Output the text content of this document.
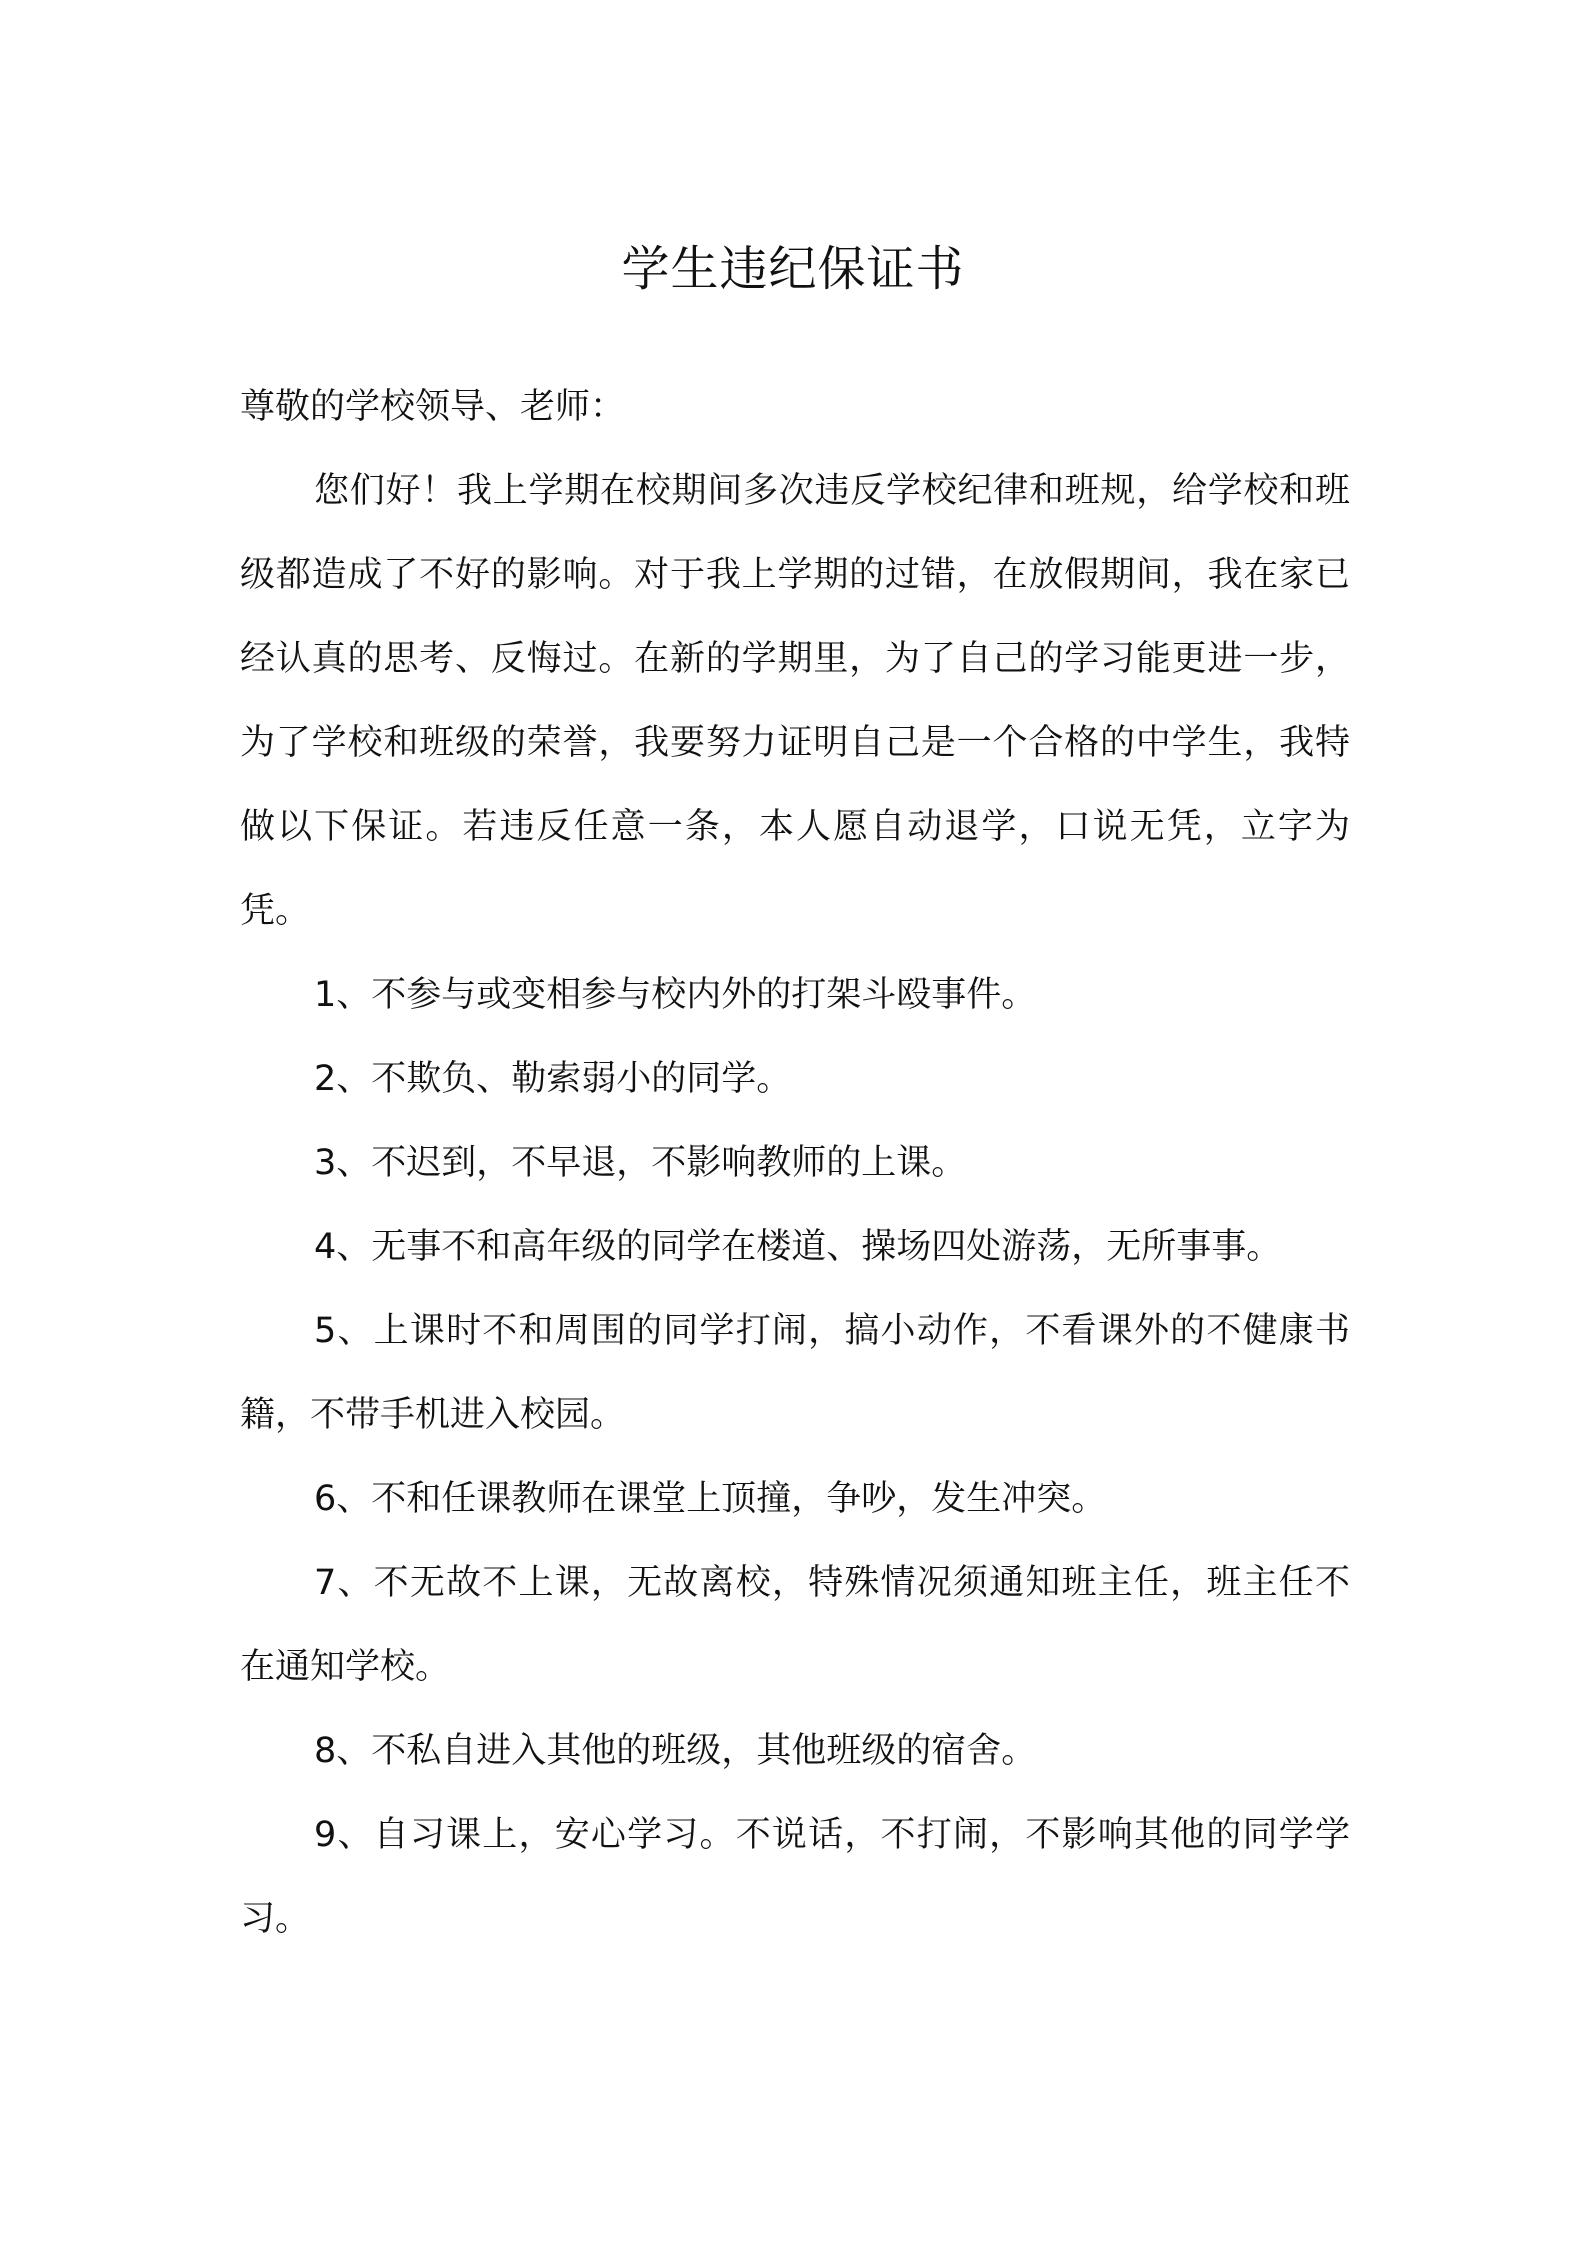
学生违纪保证书

尊敬的学校领导、老师：

您们好！我上学期在校期间多次违反学校纪律和班规，给学校和班级都造成了不好的影响。对于我上学期的过错，在放假期间，我在家已经认真的思考、反悔过。在新的学期里，为了自己的学习能更进一步，为了学校和班级的荣誉，我要努力证明自己是一个合格的中学生，我特做以下保证。若违反任意一条，本人愿自动退学，口说无凭，立字为凭。

1、不参与或变相参与校内外的打架斗殴事件。

2、不欺负、勒索弱小的同学。

3、不迟到，不早退，不影响教师的上课。

4、无事不和高年级的同学在楼道、操场四处游荡，无所事事。

5、上课时不和周围的同学打闹，搞小动作，不看课外的不健康书籍，不带手机进入校园。

6、不和任课教师在课堂上顶撞，争吵，发生冲突。

7、不无故不上课，无故离校，特殊情况须通知班主任，班主任不在通知学校。

8、不私自进入其他的班级，其他班级的宿舍。

9、自习课上，安心学习。不说话，不打闹，不影响其他的同学学习。
